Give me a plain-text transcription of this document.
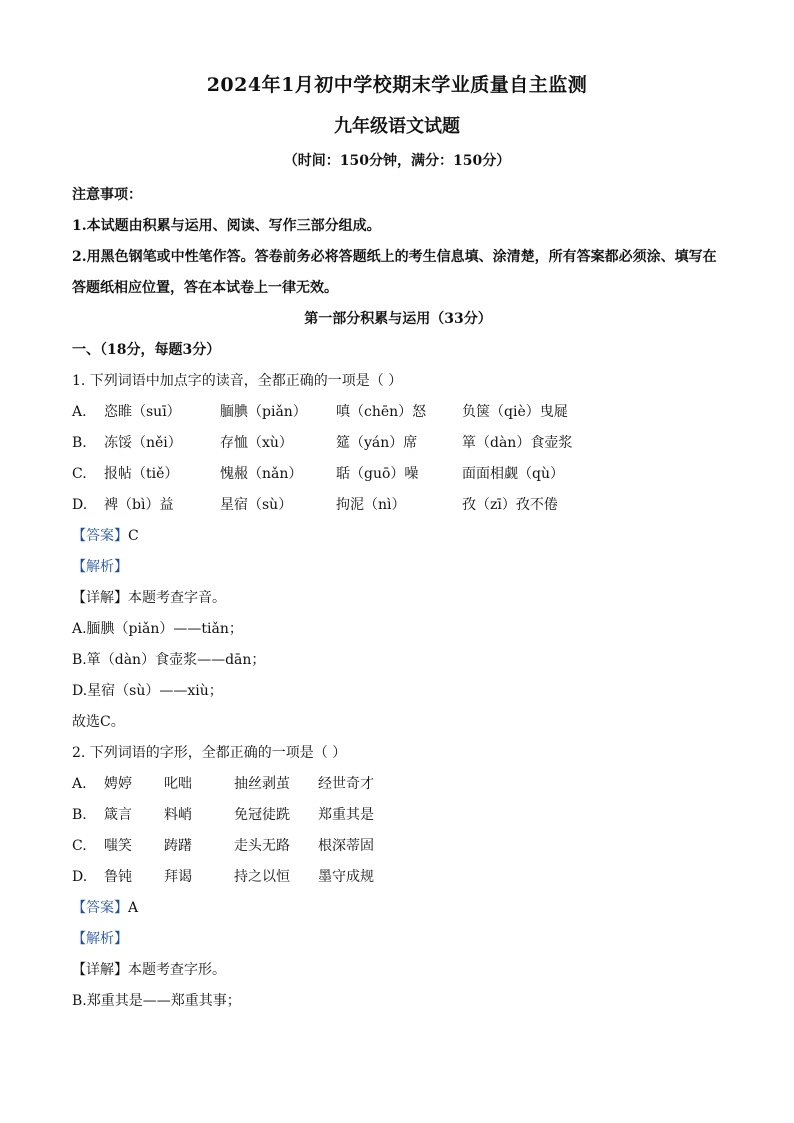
2024年1月初中学校期末学业质量自主监测
九年级语文试题
（时间：150分钟，满分：150分）
注意事项：
1.本试题由积累与运用、阅读、写作三部分组成。
2.用黑色钢笔或中性笔作答。答卷前务必将答题纸上的考生信息填、涂清楚，所有答案都必须涂、填写在答题纸相应位置，答在本试卷上一律无效。
第一部分积累与运用（33分）
一、（18分，每题3分）
1. 下列词语中加点字的读音，全都正确的一项是（ ）
A. 恣睢（suī）	腼腆（piǎn） 嗔（chēn）怒	负箧（qiè）曳屣
B. 冻馁（něi）	存恤（xù）	筵（yán）席	箪（dàn）食壶浆
C. 报帖（tiě）	愧赧（nǎn） 聒（guō）噪	面面相觑（qù）
D. 裨（bì）益	星宿（sù）	拘泥（nì）	孜（zī）孜不倦
【答案】C
【解析】
【详解】本题考查字音。
A.腼腆（piǎn）——tiǎn；
B.箪（dàn）食壶浆——dān；
D.星宿（sù）——xiù；
故选C。
2. 下列词语的字形，全都正确的一项是（ ）
A. 娉婷 叱咄	抽丝剥茧 经世奇才
B. 箴言 料峭	免冠徒跣 郑重其是
C. 嗤笑 踌躇	走头无路 根深蒂固
D. 鲁钝 拜谒	持之以恒 墨守成规
【答案】A
【解析】
【详解】本题考查字形。
B.郑重其是——郑重其事；
